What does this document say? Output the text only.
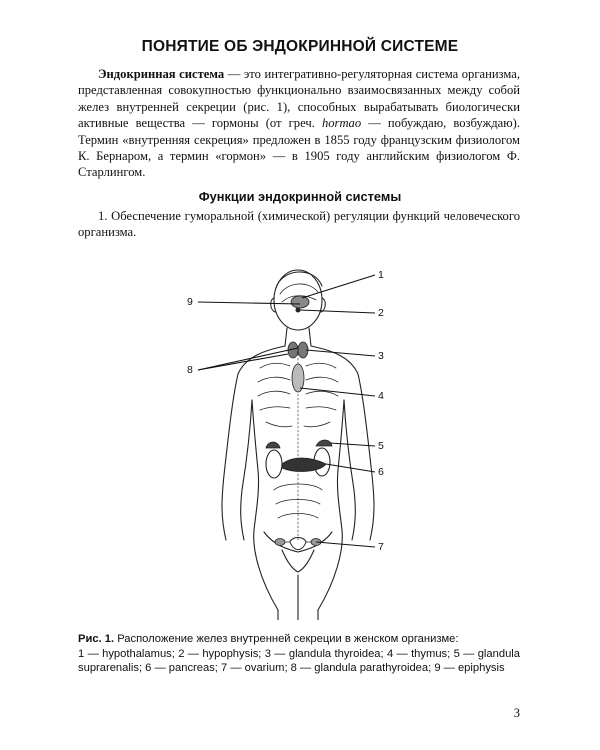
ПОНЯТИЕ ОБ ЭНДОКРИННОЙ СИСТЕМЕ

Эндокринная система — это интегративно-регуляторная система организма, представленная совокупностью функционально взаимосвязанных между собой желез внутренней секреции (рис. 1), способных вырабатывать биологически активные вещества — гормоны (от греч. hormao — побуждаю, возбуждаю). Термин «внутренняя секреция» предложен в 1855 году французским физиологом К. Бернаром, а термин «гормон» — в 1905 году английским физиологом Ф. Старлингом.

Функции эндокринной системы

1. Обеспечение гуморальной (химической) регуляции функций человеческого организма.

1
2
3
4
5
6
7
8
9
Рис. 1. Расположение желез внутренней секреции в женском организме:
1 — hypothalamus; 2 — hypophysis; 3 — glandula thyroidea; 4 — thymus; 5 — glandula suprarenalis; 6 — pancreas; 7 — ovarium; 8 — glandula parathyroidea; 9 — epiphysis
3
